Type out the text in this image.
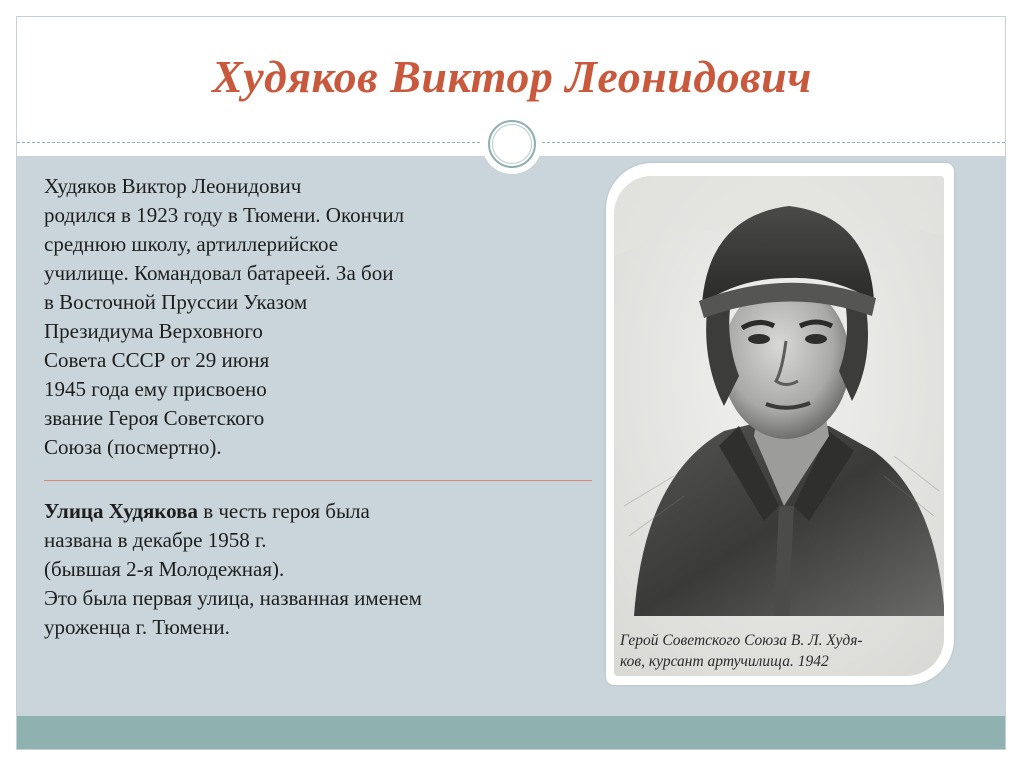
Худяков Виктор Леонидович
Худяков Виктор Леонидович
родился в 1923 году в Тюмени. Окончил
среднюю школу, артиллерийское
училище. Командовал батареей. За бои
в Восточной Пруссии Указом
Президиума Верховного
Совета СССР от 29 июня
1945 года ему присвоено
звание Героя Советского
Союза (посмертно).
Улица Худякова в честь героя была
названа в декабре 1958 г.
(бывшая 2-я Молодежная).
Это была первая улица, названная именем
уроженца г. Тюмени.
Герой Советского Союза В. Л. Худя-
ков, курсант артучилища. 1942
